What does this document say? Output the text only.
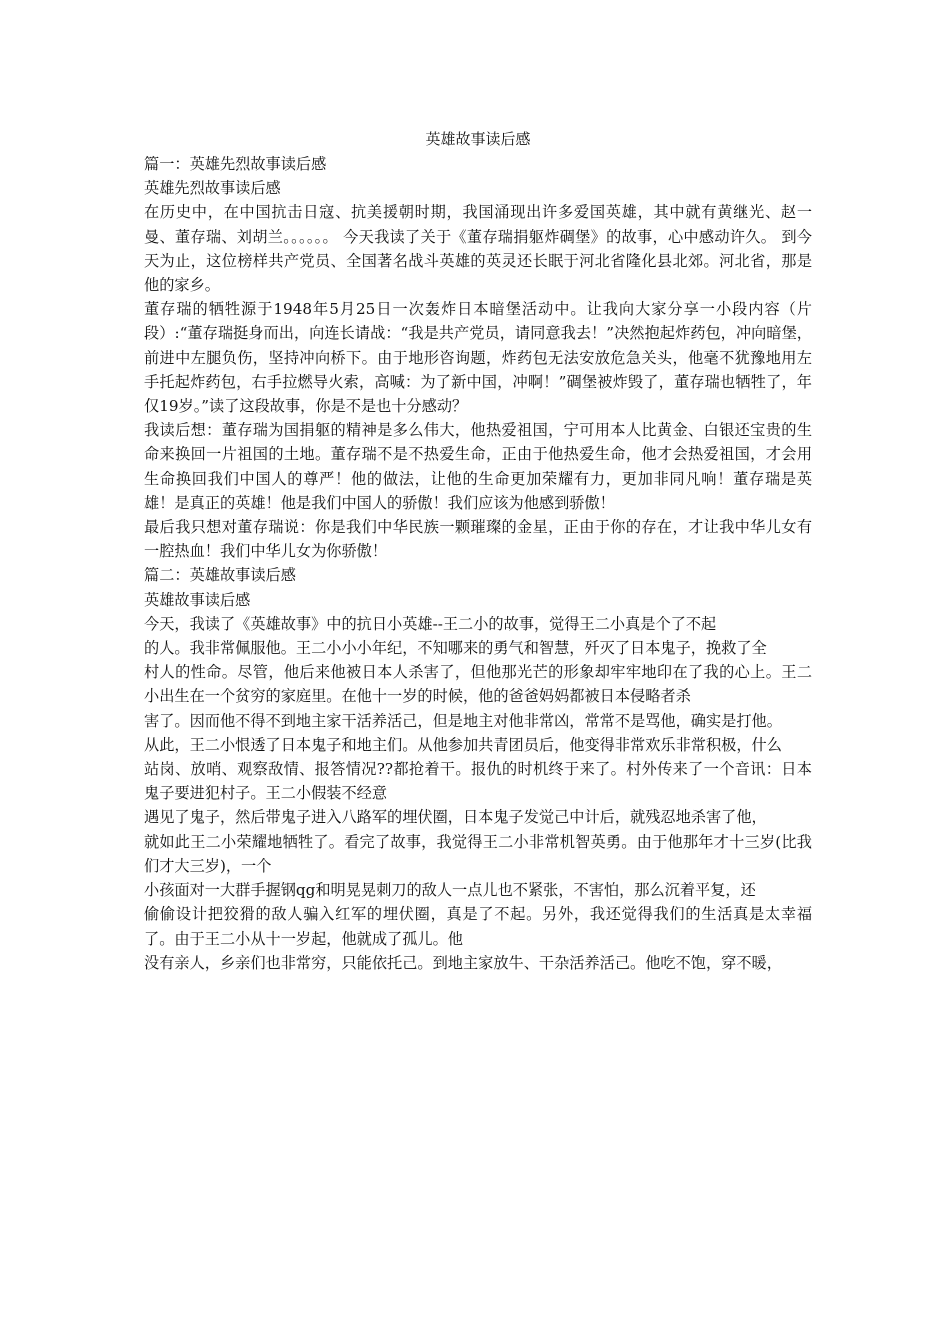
英雄故事读后感

篇一：英雄先烈故事读后感

英雄先烈故事读后感

在历史中，在中国抗击日寇、抗美援朝时期，我国涌现出许多爱国英雄，其中就有黄继光、赵一曼、董存瑞、刘胡兰。。。。。。 今天我读了关于《董存瑞捐躯炸碉堡》的故事，心中感动许久。 到今天为止，这位榜样共产党员、全国著名战斗英雄的英灵还长眠于河北省隆化县北郊。河北省，那是他的家乡。

董存瑞的牺牲源于1948年5月25日一次轰炸日本暗堡活动中。让我向大家分享一小段内容（片段）:“董存瑞挺身而出，向连长请战：“我是共产党员，请同意我去！”决然抱起炸药包，冲向暗堡，前进中左腿负伤，坚持冲向桥下。由于地形咨询题，炸药包无法安放危急关头，他毫不犹豫地用左手托起炸药包，右手拉燃导火索，高喊：为了新中国，冲啊！”碉堡被炸毁了，董存瑞也牺牲了，年仅19岁。”读了这段故事，你是不是也十分感动？

我读后想：董存瑞为国捐躯的精神是多么伟大，他热爱祖国，宁可用本人比黄金、白银还宝贵的生命来换回一片祖国的土地。董存瑞不是不热爱生命，正由于他热爱生命，他才会热爱祖国，才会用生命换回我们中国人的尊严！他的做法，让他的生命更加荣耀有力，更加非同凡响！董存瑞是英雄！是真正的英雄！他是我们中国人的骄傲！我们应该为他感到骄傲！

最后我只想对董存瑞说：你是我们中华民族一颗璀璨的金星，正由于你的存在，才让我中华儿女有一腔热血！我们中华儿女为你骄傲！

篇二：英雄故事读后感

英雄故事读后感

今天，我读了《英雄故事》中的抗日小英雄--王二小的故事，觉得王二小真是个了不起

的人。我非常佩服他。王二小小小年纪，不知哪来的勇气和智慧，歼灭了日本鬼子，挽救了全

村人的性命。尽管，他后来他被日本人杀害了，但他那光芒的形象却牢牢地印在了我的心上。王二小出生在一个贫穷的家庭里。在他十一岁的时候，他的爸爸妈妈都被日本侵略者杀

害了。因而他不得不到地主家干活养活己，但是地主对他非常凶，常常不是骂他，确实是打他。

从此，王二小恨透了日本鬼子和地主们。从他参加共青团员后，他变得非常欢乐非常积极，什么

站岗、放哨、观察敌情、报答情况??都抢着干。报仇的时机终于来了。村外传来了一个音讯：日本鬼子要进犯村子。王二小假装不经意

遇见了鬼子，然后带鬼子进入八路军的埋伏圈，日本鬼子发觉己中计后，就残忍地杀害了他，

就如此王二小荣耀地牺牲了。看完了故事，我觉得王二小非常机智英勇。由于他那年才十三岁(比我们才大三岁)，一个

小孩面对一大群手握钢qg和明晃晃刺刀的敌人一点儿也不紧张，不害怕，那么沉着平复，还

偷偷设计把狡猾的敌人骗入红军的埋伏圈，真是了不起。另外，我还觉得我们的生活真是太幸福了。由于王二小从十一岁起，他就成了孤儿。他

没有亲人，乡亲们也非常穷，只能依托己。到地主家放牛、干杂活养活己。他吃不饱，穿不暖，
